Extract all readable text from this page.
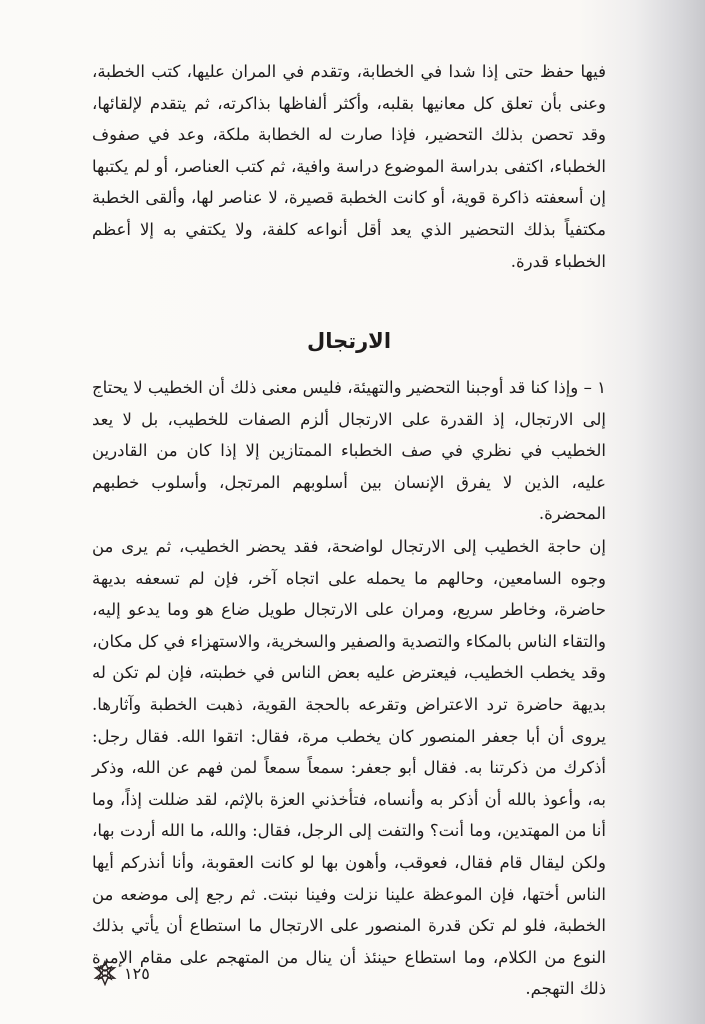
فيها حفظ حتى إذا شدا في الخطابة، وتقدم في المران عليها، كتب الخطبة، وعنى بأن تعلق كل معانيها بقلبه، وأكثر ألفاظها بذاكرته، ثم يتقدم لإلقائها، وقد تحصن بذلك التحضير، فإذا صارت له الخطابة ملكة، وعد في صفوف الخطباء، اكتفى بدراسة الموضوع دراسة وافية، ثم كتب العناصر، أو لم يكتبها إن أسعفته ذاكرة قوية، أو كانت الخطبة قصيرة، لا عناصر لها، وألقى الخطبة مكتفياً بذلك التحضير الذي يعد أقل أنواعه كلفة، ولا يكتفي به إلا أعظم الخطباء قدرة.

الارتجال

١ – وإذا كنا قد أوجبنا التحضير والتهيئة، فليس معنى ذلك أن الخطيب لا يحتاج إلى الارتجال، إذ القدرة على الارتجال ألزم الصفات للخطيب، بل لا يعد الخطيب في نظري في صف الخطباء الممتازين إلا إذا كان من القادرين عليه، الذين لا يفرق الإنسان بين أسلوبهم المرتجل، وأسلوب خطبهم المحضرة.

إن حاجة الخطيب إلى الارتجال لواضحة، فقد يحضر الخطيب، ثم يرى من وجوه السامعين، وحالهم ما يحمله على اتجاه آخر، فإن لم تسعفه بديهة حاضرة، وخاطر سريع، ومران على الارتجال طويل ضاع هو وما يدعو إليه، والتقاء الناس بالمكاء والتصدية والصفير والسخرية، والاستهزاء في كل مكان، وقد يخطب الخطيب، فيعترض عليه بعض الناس في خطبته، فإن لم تكن له بديهة حاضرة ترد الاعتراض وتقرعه بالحجة القوية، ذهبت الخطبة وآثارها. يروى أن أبا جعفر المنصور كان يخطب مرة، فقال: اتقوا الله. فقال رجل: أذكرك من ذكرتنا به. فقال أبو جعفر: سمعاً سمعاً لمن فهم عن الله، وذكر به، وأعوذ بالله أن أذكر به وأنساه، فتأخذني العزة بالإثم، لقد ضللت إذاً، وما أنا من المهتدين، وما أنت؟ والتفت إلى الرجل، فقال: والله، ما الله أردت بها، ولكن ليقال قام فقال، فعوقب، وأهون بها لو كانت العقوبة، وأنا أنذركم أيها الناس أختها، فإن الموعظة علينا نزلت وفينا نبتت. ثم رجع إلى موضعه من الخطبة، فلو لم تكن قدرة المنصور على الارتجال ما استطاع أن يأتي بذلك النوع من الكلام، وما استطاع حينئذ أن ينال من المتهجم على مقام الإمرة ذلك التهجم.

١٢٥
